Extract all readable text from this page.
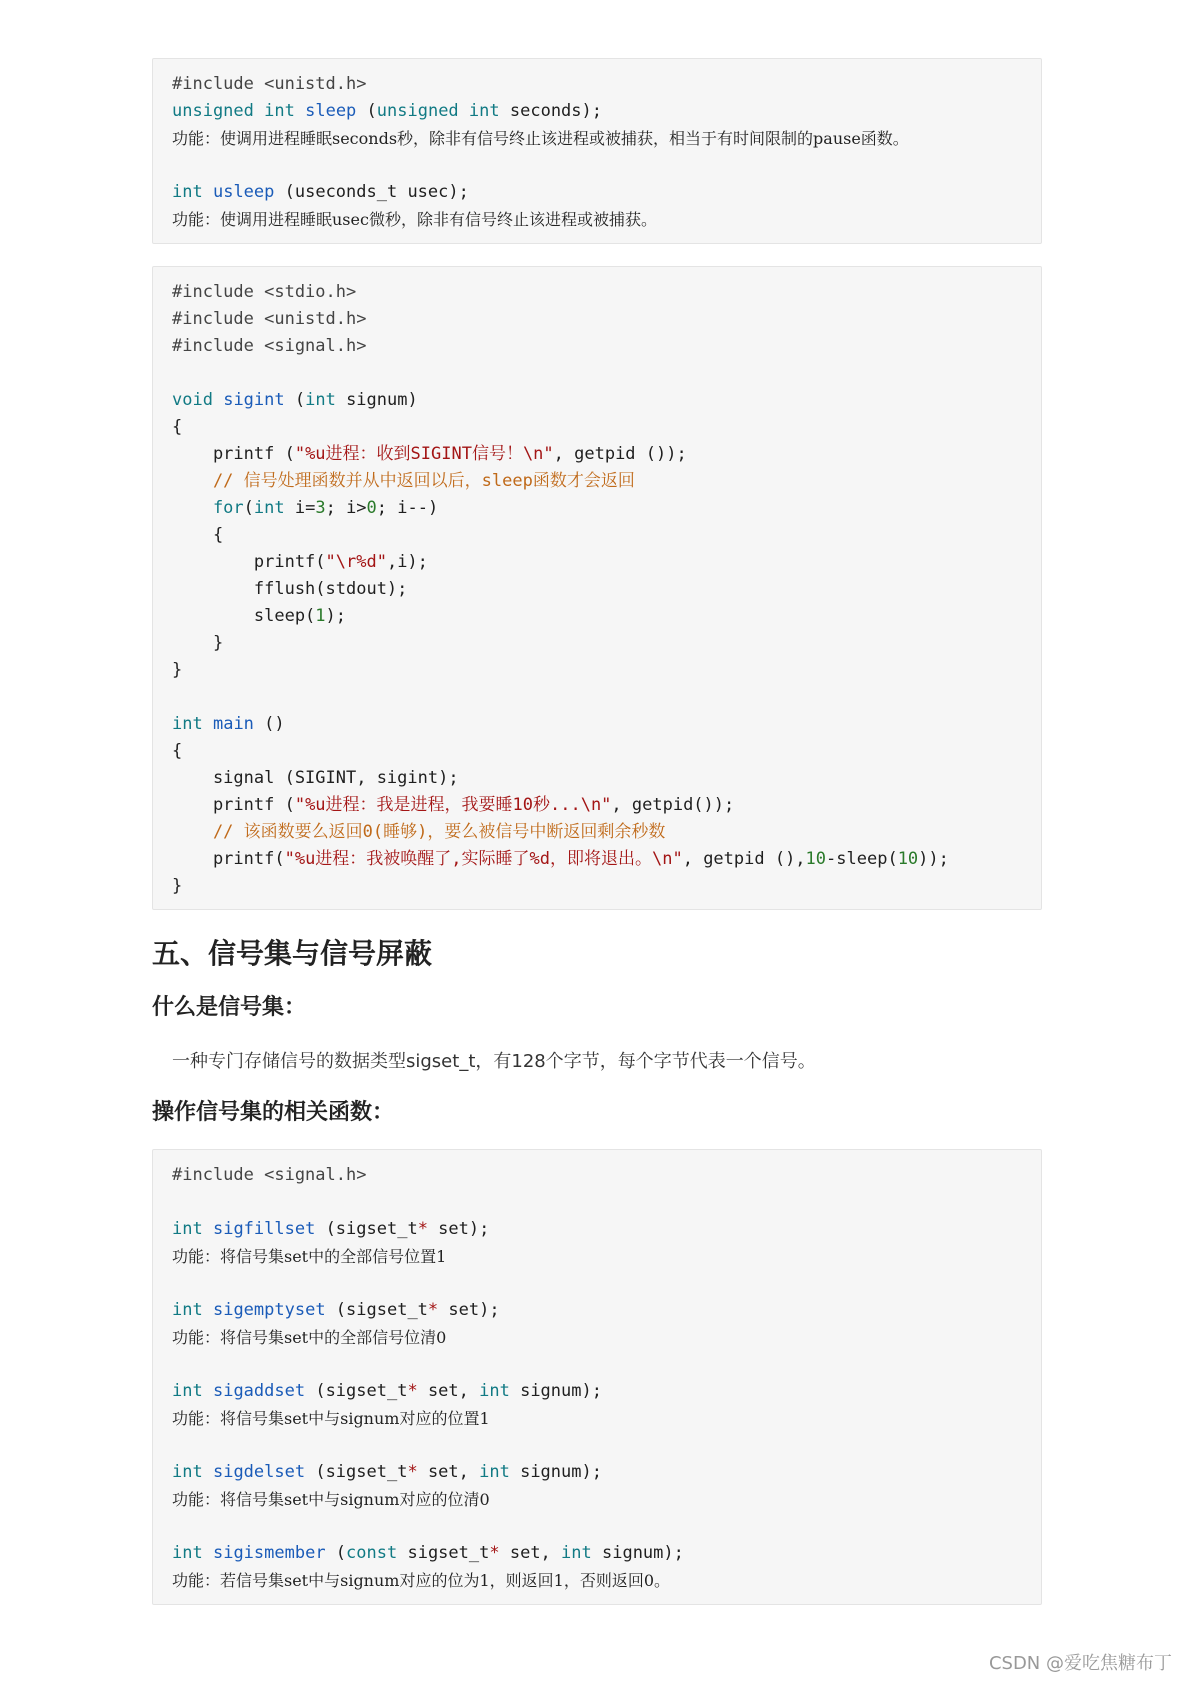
#include <unistd.h>
unsigned int sleep (unsigned int seconds);
功能：使调用进程睡眠seconds秒，除非有信号终止该进程或被捕获，相当于有时间限制的pause函数。
int usleep (useconds_t usec);
功能：使调用进程睡眠usec微秒，除非有信号终止该进程或被捕获。
#include <stdio.h>
#include <unistd.h>
#include <signal.h>
void sigint (int signum)
{
printf ("%u进程：收到SIGINT信号！\n", getpid ());
// 信号处理函数并从中返回以后，sleep函数才会返回
for(int i=3; i>0; i--)
{
printf("\r%d",i);
fflush(stdout);
sleep(1);
}
}
int main ()
{
signal (SIGINT, sigint);
printf ("%u进程：我是进程，我要睡10秒...\n", getpid());
// 该函数要么返回0(睡够)，要么被信号中断返回剩余秒数
printf("%u进程：我被唤醒了,实际睡了%d，即将退出。\n", getpid (),10-sleep(10));
}
五、信号集与信号屏蔽
什么是信号集：
一种专门存储信号的数据类型sigset_t，有128个字节，每个字节代表一个信号。
操作信号集的相关函数：
#include <signal.h>
int sigfillset (sigset_t* set);
功能：将信号集set中的全部信号位置1
int sigemptyset (sigset_t* set);
功能：将信号集set中的全部信号位清0
int sigaddset (sigset_t* set, int signum);
功能：将信号集set中与signum对应的位置1
int sigdelset (sigset_t* set, int signum);
功能：将信号集set中与signum对应的位清0
int sigismember (const sigset_t* set, int signum);
功能：若信号集set中与signum对应的位为1，则返回1，否则返回0。
CSDN @爱吃焦糖布丁
